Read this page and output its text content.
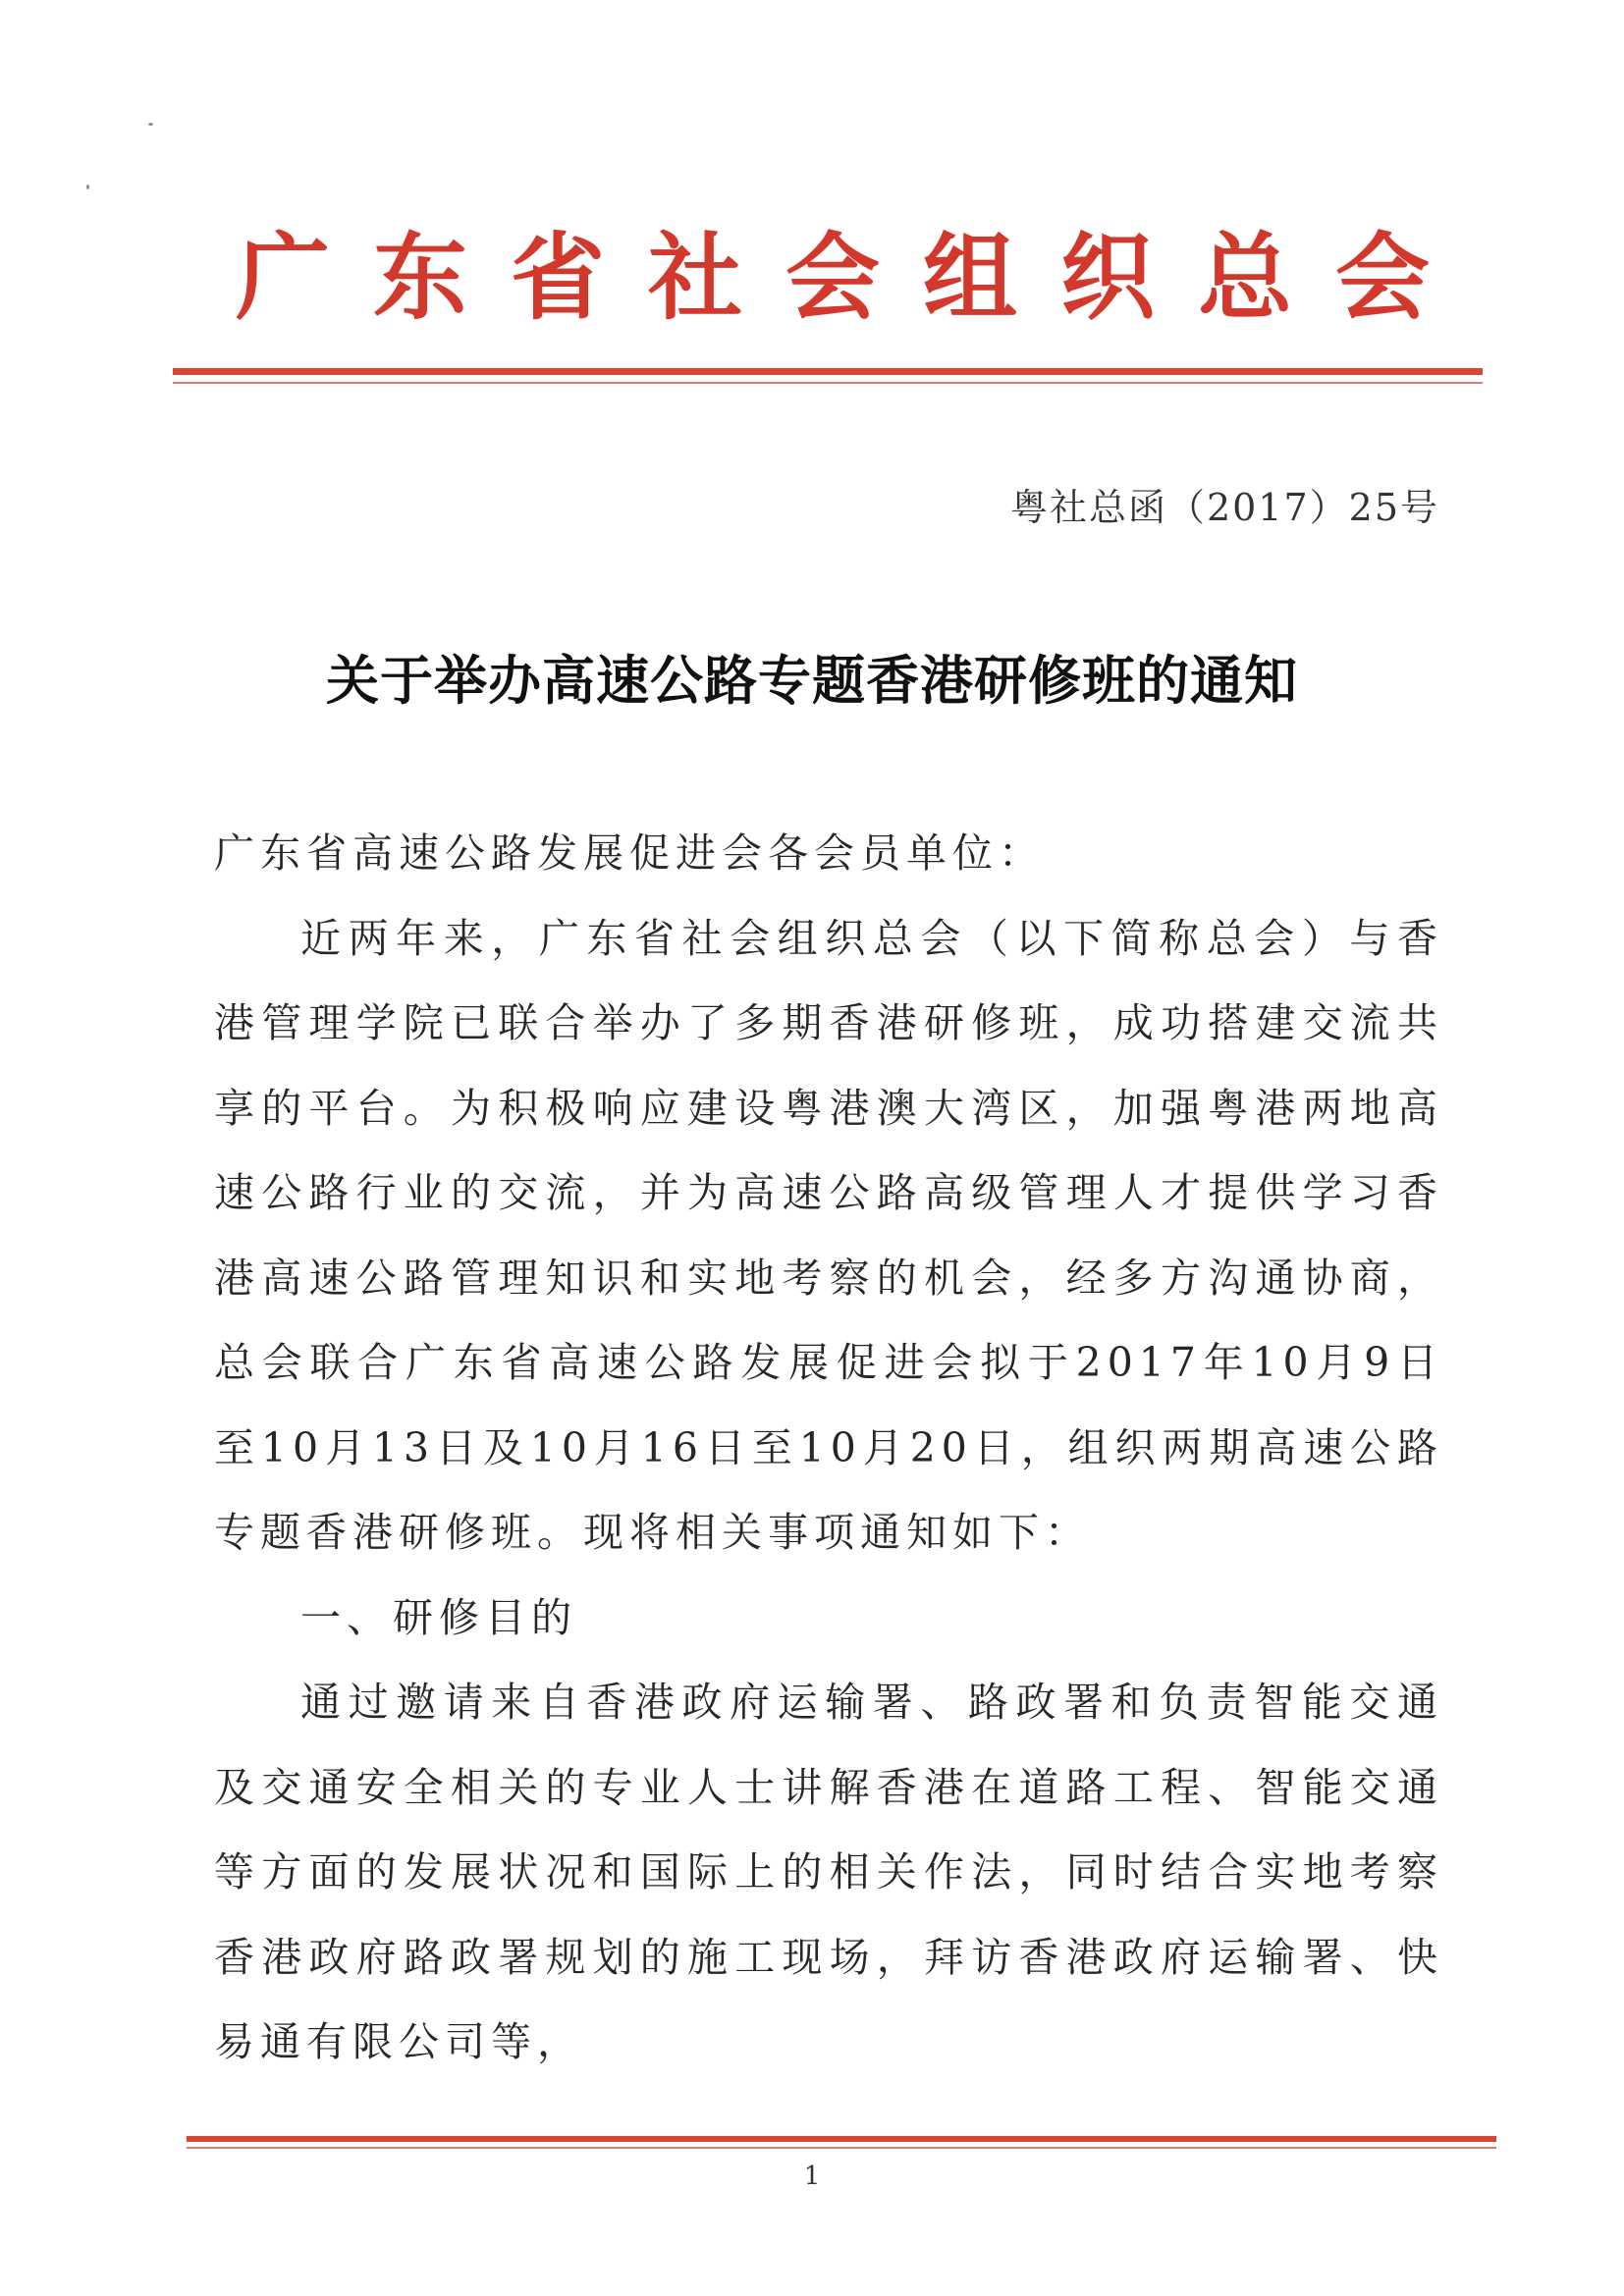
广东省社会组织总会
粤社总函（2017）25号
关于举办高速公路专题香港研修班的通知

广东省高速公路发展促进会各会员单位：

近两年来，广东省社会组织总会（以下简称总会）与香港管理学院已联合举办了多期香港研修班，成功搭建交流共享的平台。为积极响应建设粤港澳大湾区，加强粤港两地高速公路行业的交流，并为高速公路高级管理人才提供学习香港高速公路管理知识和实地考察的机会，经多方沟通协商，总会联合广东省高速公路发展促进会拟于2017年10月9日至10月13日及10月16日至10月20日，组织两期高速公路专题香港研修班。现将相关事项通知如下：

一、研修目的

通过邀请来自香港政府运输署、路政署和负责智能交通及交通安全相关的专业人士讲解香港在道路工程、智能交通等方面的发展状况和国际上的相关作法，同时结合实地考察香港政府路政署规划的施工现场，拜访香港政府运输署、快易通有限公司等，

1
